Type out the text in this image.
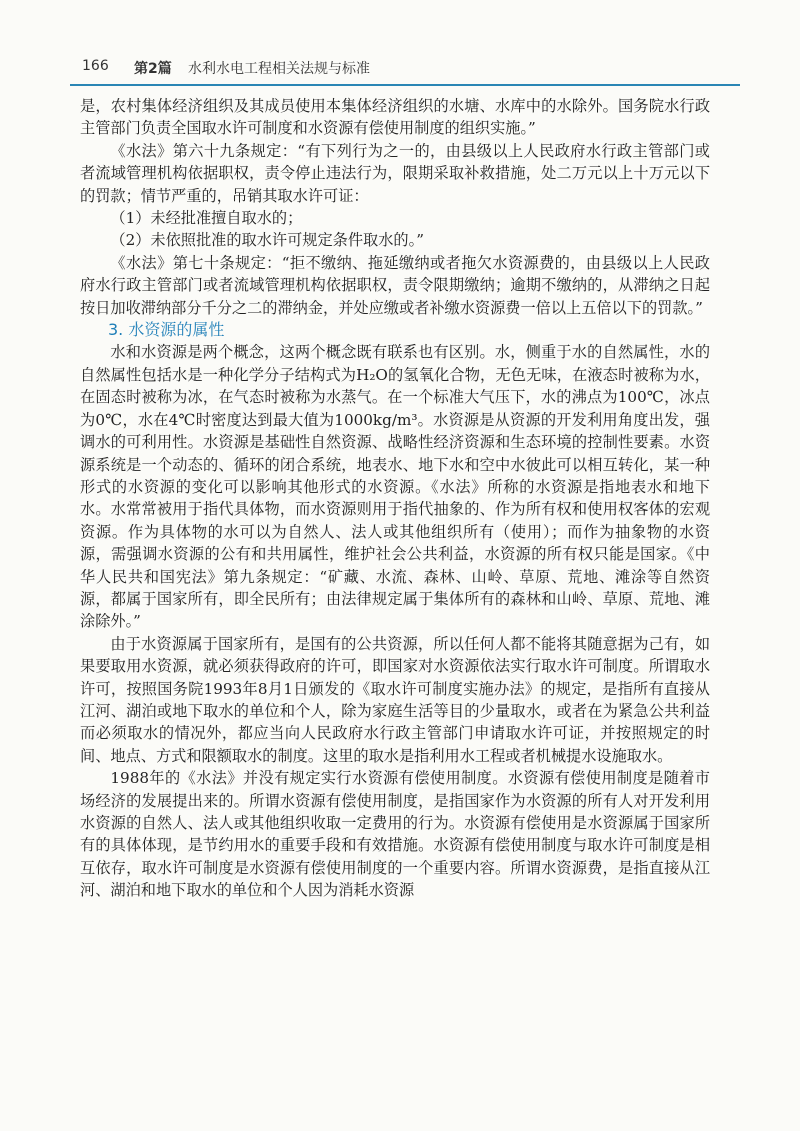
166 第2篇 水利水电工程相关法规与标准

是，农村集体经济组织及其成员使用本集体经济组织的水塘、水库中的水除外。国务院水行政主管部门负责全国取水许可制度和水资源有偿使用制度的组织实施。”

《水法》第六十九条规定：“有下列行为之一的，由县级以上人民政府水行政主管部门或者流域管理机构依据职权，责令停止违法行为，限期采取补救措施，处二万元以上十万元以下的罚款；情节严重的，吊销其取水许可证：

（1）未经批准擅自取水的；

（2）未依照批准的取水许可规定条件取水的。”

《水法》第七十条规定：“拒不缴纳、拖延缴纳或者拖欠水资源费的，由县级以上人民政府水行政主管部门或者流域管理机构依据职权，责令限期缴纳；逾期不缴纳的，从滞纳之日起按日加收滞纳部分千分之二的滞纳金，并处应缴或者补缴水资源费一倍以上五倍以下的罚款。”

3. 水资源的属性

水和水资源是两个概念，这两个概念既有联系也有区别。水，侧重于水的自然属性，水的自然属性包括水是一种化学分子结构式为H₂O的氢氧化合物，无色无味，在液态时被称为水，在固态时被称为冰，在气态时被称为水蒸气。在一个标准大气压下，水的沸点为100℃，冰点为0℃，水在4℃时密度达到最大值为1000kg/m³。水资源是从资源的开发利用角度出发，强调水的可利用性。水资源是基础性自然资源、战略性经济资源和生态环境的控制性要素。水资源系统是一个动态的、循环的闭合系统，地表水、地下水和空中水彼此可以相互转化，某一种形式的水资源的变化可以影响其他形式的水资源。《水法》所称的水资源是指地表水和地下水。水常常被用于指代具体物，而水资源则用于指代抽象的、作为所有权和使用权客体的宏观资源。作为具体物的水可以为自然人、法人或其他组织所有（使用）；而作为抽象物的水资源，需强调水资源的公有和共用属性，维护社会公共利益，水资源的所有权只能是国家。《中华人民共和国宪法》第九条规定：“矿藏、水流、森林、山岭、草原、荒地、滩涂等自然资源，都属于国家所有，即全民所有；由法律规定属于集体所有的森林和山岭、草原、荒地、滩涂除外。”

由于水资源属于国家所有，是国有的公共资源，所以任何人都不能将其随意据为己有，如果要取用水资源，就必须获得政府的许可，即国家对水资源依法实行取水许可制度。所谓取水许可，按照国务院1993年8月1日颁发的《取水许可制度实施办法》的规定，是指所有直接从江河、湖泊或地下取水的单位和个人，除为家庭生活等目的少量取水，或者在为紧急公共利益而必须取水的情况外，都应当向人民政府水行政主管部门申请取水许可证，并按照规定的时间、地点、方式和限额取水的制度。这里的取水是指利用水工程或者机械提水设施取水。

1988年的《水法》并没有规定实行水资源有偿使用制度。水资源有偿使用制度是随着市场经济的发展提出来的。所谓水资源有偿使用制度，是指国家作为水资源的所有人对开发利用水资源的自然人、法人或其他组织收取一定费用的行为。水资源有偿使用是水资源属于国家所有的具体体现，是节约用水的重要手段和有效措施。水资源有偿使用制度与取水许可制度是相互依存，取水许可制度是水资源有偿使用制度的一个重要内容。所谓水资源费，是指直接从江河、湖泊和地下取水的单位和个人因为消耗水资源
